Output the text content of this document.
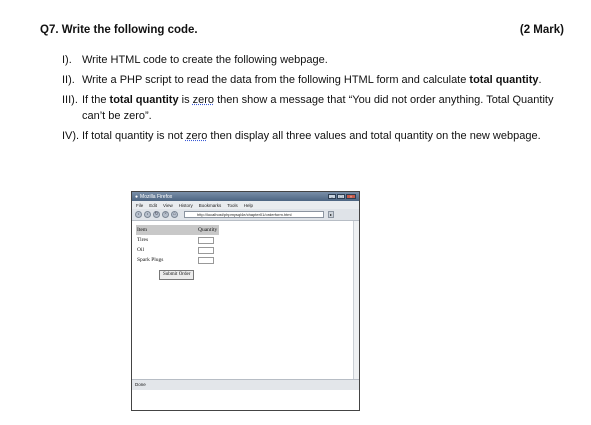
Q7. Write the following code.	(2 Mark)
I). Write HTML code to create the following webpage.
II). Write a PHP script to read the data from the following HTML form and calculate total quantity.
III). If the total quantity is zero then show a message that “You did not order anything. Total Quantity can’t be zero”.
IV). If total quantity is not zero then display all three values and total quantity on the new webpage.
● Mozilla Firefox	–	□	×
File Edit View History Bookmarks Tools Help
‹	›	↻	×	⌂	http://localhost/phpmysql4e/chapter01/orderform.html	▸
Item	Quantity
Tires	

Oil	

Spark Plugs	
Submit Order
Done
